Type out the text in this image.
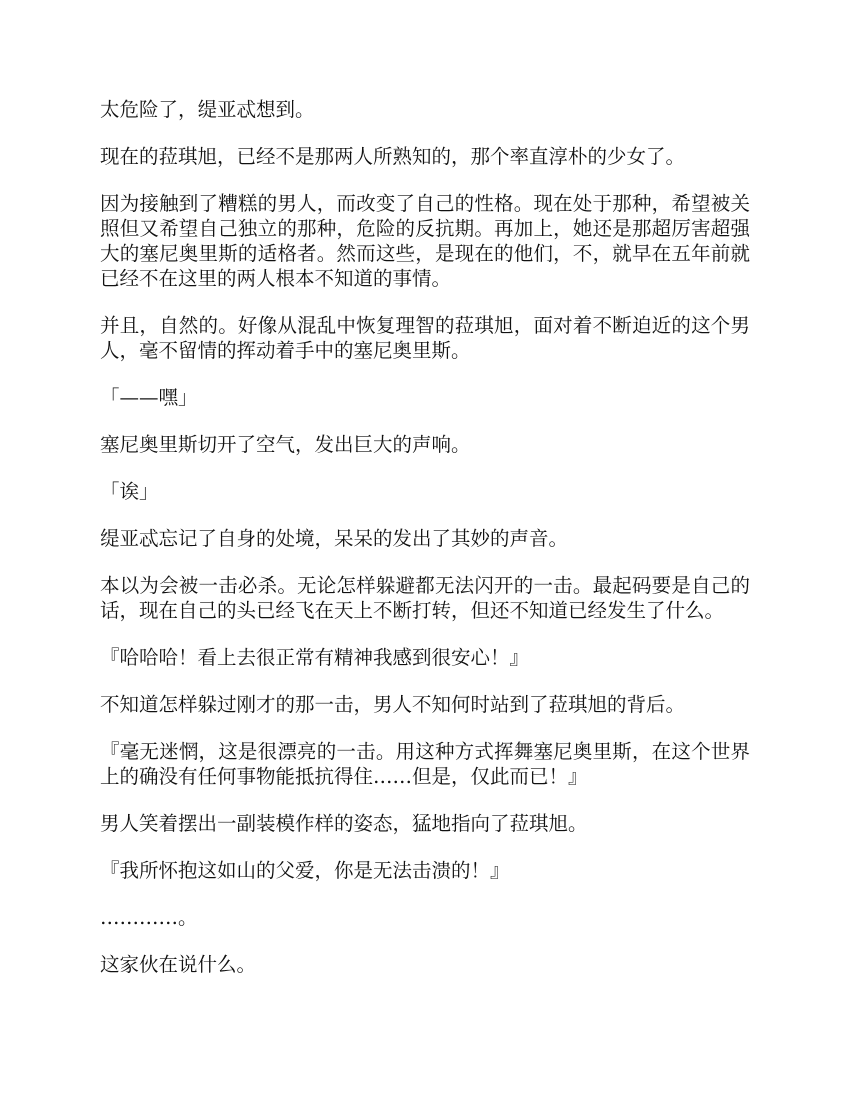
太危险了，缇亚忒想到。

现在的菈琪旭，已经不是那两人所熟知的，那个率直淳朴的少女了。

因为接触到了糟糕的男人，而改变了自己的性格。现在处于那种，希望被关照但又希望自己独立的那种，危险的反抗期。再加上，她还是那超厉害超强大的塞尼奥里斯的适格者。然而这些，是现在的他们，不，就早在五年前就已经不在这里的两人根本不知道的事情。

并且，自然的。好像从混乱中恢复理智的菈琪旭，面对着不断迫近的这个男人，毫不留情的挥动着手中的塞尼奥里斯。

「——嘿」

塞尼奥里斯切开了空气，发出巨大的声响。

「诶」

缇亚忒忘记了自身的处境，呆呆的发出了其妙的声音。

本以为会被一击必杀。无论怎样躲避都无法闪开的一击。最起码要是自己的话，现在自己的头已经飞在天上不断打转，但还不知道已经发生了什么。

『哈哈哈！看上去很正常有精神我感到很安心！』

不知道怎样躲过刚才的那一击，男人不知何时站到了菈琪旭的背后。

『毫无迷惘，这是很漂亮的一击。用这种方式挥舞塞尼奥里斯，在这个世界上的确没有任何事物能抵抗得住……但是，仅此而已！』

男人笑着摆出一副装模作样的姿态，猛地指向了菈琪旭。

『我所怀抱这如山的父爱，你是无法击溃的！』

…………。

这家伙在说什么。
